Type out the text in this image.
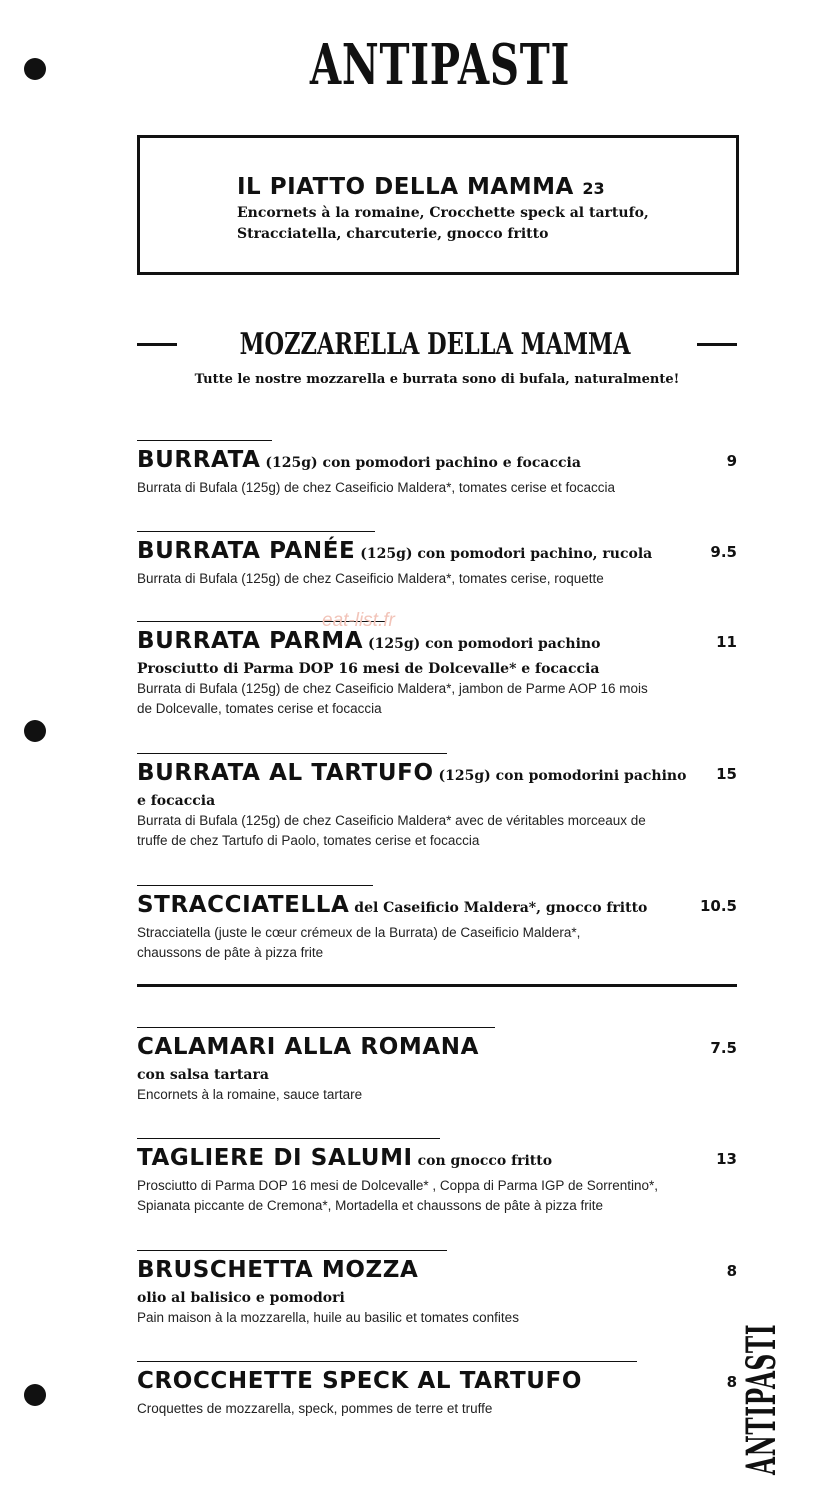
ANTIPASTI
IL PIATTO DELLA MAMMA 23
Encornets à la romaine, Crocchette speck al tartufo,
Stracciatella, charcuterie, gnocco fritto
MOZZARELLA DELLA MAMMA
Tutte le nostre mozzarella e burrata sono di bufala, naturalmente!
BURRATA (125g) con pomodori pachino e focaccia	9
Burrata di Bufala (125g) de chez Caseificio Maldera*, tomates cerise et focaccia
BURRATA PANÉE (125g) con pomodori pachino, rucola	9.5
Burrata di Bufala (125g) de chez Caseificio Maldera*, tomates cerise, roquette
BURRATA PARMA (125g) con pomodori pachino	11
Prosciutto di Parma DOP 16 mesi de Dolcevalle* e focaccia
Burrata di Bufala (125g) de chez Caseificio Maldera*, jambon de Parme AOP 16 mois
de Dolcevalle, tomates cerise et focaccia
BURRATA AL TARTUFO (125g) con pomodorini pachino 15
e focaccia
Burrata di Bufala (125g) de chez Caseificio Maldera* avec de véritables morceaux de
truffe de chez Tartufo di Paolo, tomates cerise et focaccia
STRACCIATELLA del Caseificio Maldera*, gnocco fritto	10.5
Stracciatella (juste le cœur crémeux de la Burrata) de Caseificio Maldera*,
chaussons de pâte à pizza frite
CALAMARI ALLA ROMANA	7.5
con salsa tartara
Encornets à la romaine, sauce tartare
TAGLIERE DI SALUMI con gnocco fritto	13
Prosciutto di Parma DOP 16 mesi de Dolcevalle* , Coppa di Parma IGP de Sorrentino*,
Spianata piccante de Cremona*, Mortadella et chaussons de pâte à pizza frite
BRUSCHETTA MOZZA	8
olio al balisico e pomodori
Pain maison à la mozzarella, huile au basilic et tomates confites
CROCCHETTE SPECK AL TARTUFO	8
Croquettes de mozzarella, speck, pommes de terre et truffe	ANTIPASTI
eat-list.fr
